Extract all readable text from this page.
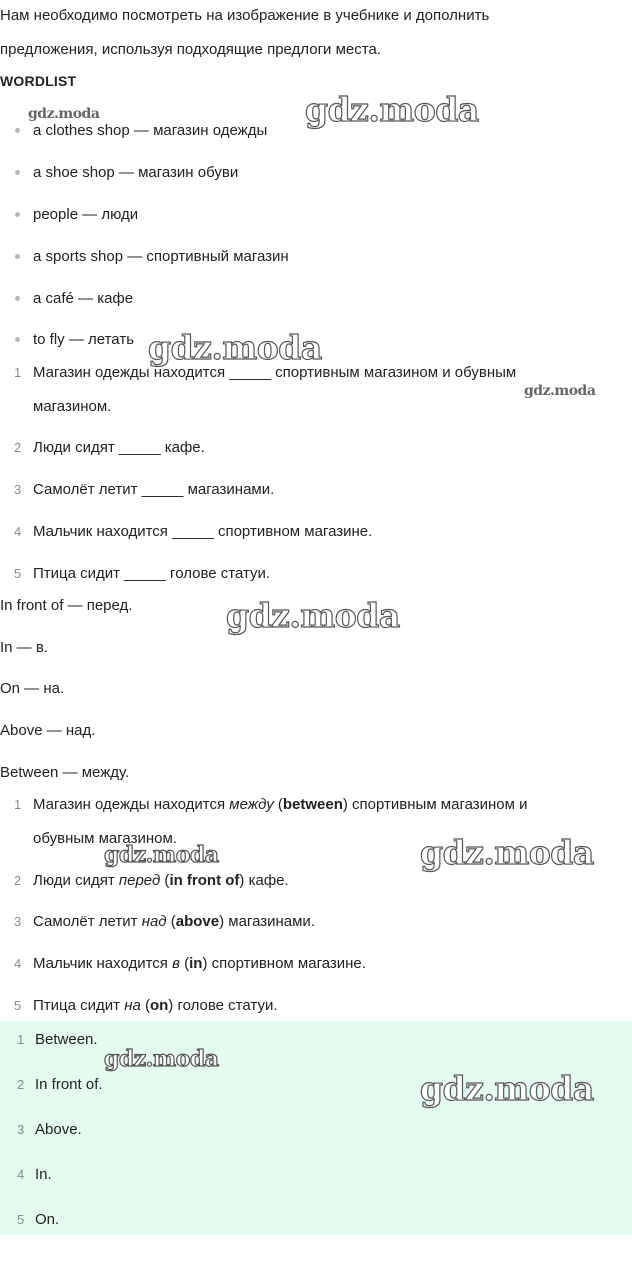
Нам необходимо посмотреть на изображение в учебнике и дополнить
предложения, используя подходящие предлоги места.
WORDLIST
a clothes shop — магазин одежды
a shoe shop — магазин обуви
people — люди
a sports shop — спортивный магазин
a café — кафе
to fly — летать
1 Магазин одежды находится _____ спортивным магазином и обувным
магазином.
2 Люди сидят _____ кафе.
3 Самолёт летит _____ магазинами.
4 Мальчик находится _____ спортивном магазине.
5 Птица сидит _____ голове статуи.
In front of — перед.
In — в.
On — на.
Above — над.
Between — между.
1 Магазин одежды находится между (between) спортивным магазином и
обувным магазином.
2 Люди сидят перед (in front of) кафе.
3 Самолёт летит над (above) магазинами.
4 Мальчик находится в (in) спортивном магазине.
5 Птица сидит на (on) голове статуи.
1 Between.
2 In front of.
3 Above.
4 In.
5 On.
gdz.moda	gdz.moda
gdz.moda
gdz.moda
gdz.moda
gdz.moda	gdz.moda
gdz.moda
gdz.moda
